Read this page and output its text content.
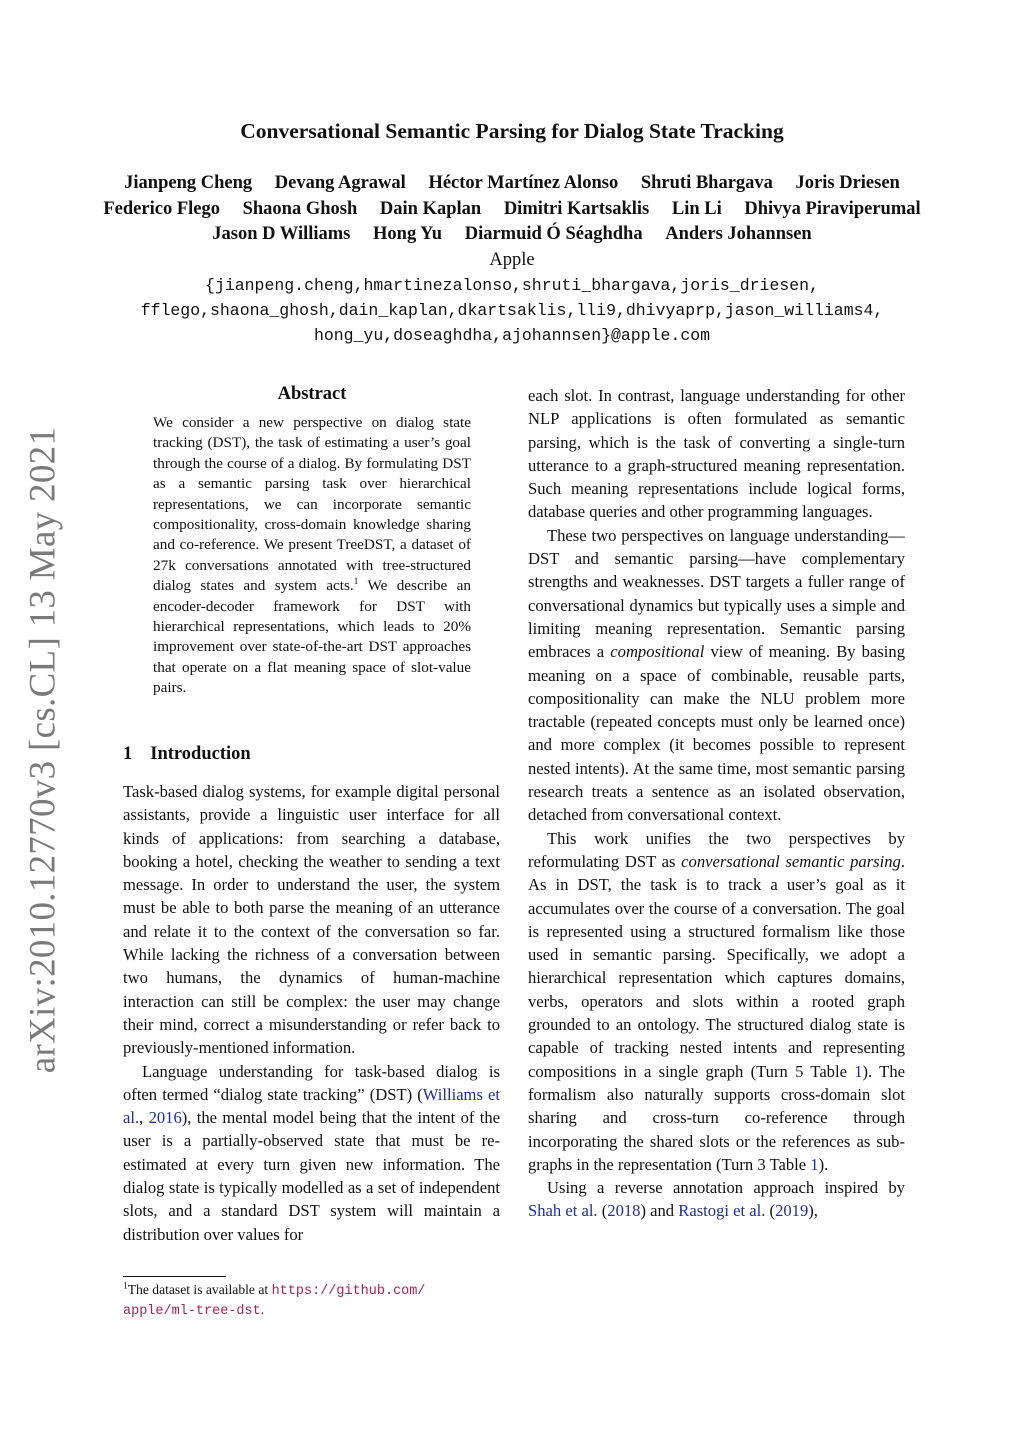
arXiv:2010.12770v3 [cs.CL] 13 May 2021
Conversational Semantic Parsing for Dialog State Tracking
Jianpeng Cheng Devang Agrawal Héctor Martínez Alonso Shruti Bhargava Joris Driesen
Federico Flego Shaona Ghosh Dain Kaplan Dimitri Kartsaklis Lin Li Dhivya Piraviperumal
Jason D Williams Hong Yu Diarmuid Ó Séaghdha Anders Johannsen
Apple
{jianpeng.cheng,hmartinezalonso,shruti_bhargava,joris_driesen,
fflego,shaona_ghosh,dain_kaplan,dkartsaklis,lli9,dhivyaprp,jason_williams4,
hong_yu,doseaghdha,ajohannsen}@apple.com
Abstract

We consider a new perspective on dialog state tracking (DST), the task of estimating a user’s goal through the course of a dialog. By formulating DST as a semantic parsing task over hierarchical representations, we can incorporate semantic compositionality, cross-domain knowledge sharing and co-reference. We present TreeDST, a dataset of 27k conversations annotated with tree-structured dialog states and system acts.$^1$ We describe an encoder-decoder framework for DST with hierarchical representations, which leads to 20% improvement over state-of-the-art DST approaches that operate on a flat meaning space of slot-value pairs.

1 Introduction

Task-based dialog systems, for example digital personal assistants, provide a linguistic user interface for all kinds of applications: from searching a database, booking a hotel, checking the weather to sending a text message. In order to understand the user, the system must be able to both parse the meaning of an utterance and relate it to the context of the conversation so far. While lacking the richness of a conversation between two humans, the dynamics of human-machine interaction can still be complex: the user may change their mind, correct a misunderstanding or refer back to previously-mentioned information.

Language understanding for task-based dialog is often termed “dialog state tracking” (DST) (Williams et al., 2016), the mental model being that the intent of the user is a partially-observed state that must be re-estimated at every turn given new information. The dialog state is typically modelled as a set of independent slots, and a standard DST system will maintain a distribution over values for

$^1$The dataset is available at https://github.com/
apple/ml-tree-dst.

each slot. In contrast, language understanding for other NLP applications is often formulated as semantic parsing, which is the task of converting a single-turn utterance to a graph-structured meaning representation. Such meaning representations include logical forms, database queries and other programming languages.

These two perspectives on language understanding—DST and semantic parsing—have complementary strengths and weaknesses. DST targets a fuller range of conversational dynamics but typically uses a simple and limiting meaning representation. Semantic parsing embraces a compositional view of meaning. By basing meaning on a space of combinable, reusable parts, compositionality can make the NLU problem more tractable (repeated concepts must only be learned once) and more complex (it becomes possible to represent nested intents). At the same time, most semantic parsing research treats a sentence as an isolated observation, detached from conversational context.

This work unifies the two perspectives by reformulating DST as conversational semantic parsing. As in DST, the task is to track a user’s goal as it accumulates over the course of a conversation. The goal is represented using a structured formalism like those used in semantic parsing. Specifically, we adopt a hierarchical representation which captures domains, verbs, operators and slots within a rooted graph grounded to an ontology. The structured dialog state is capable of tracking nested intents and representing compositions in a single graph (Turn 5 Table 1). The formalism also naturally supports cross-domain slot sharing and cross-turn co-reference through incorporating the shared slots or the references as sub-graphs in the representation (Turn 3 Table 1).

Using a reverse annotation approach inspired by Shah et al. (2018) and Rastogi et al. (2019),
